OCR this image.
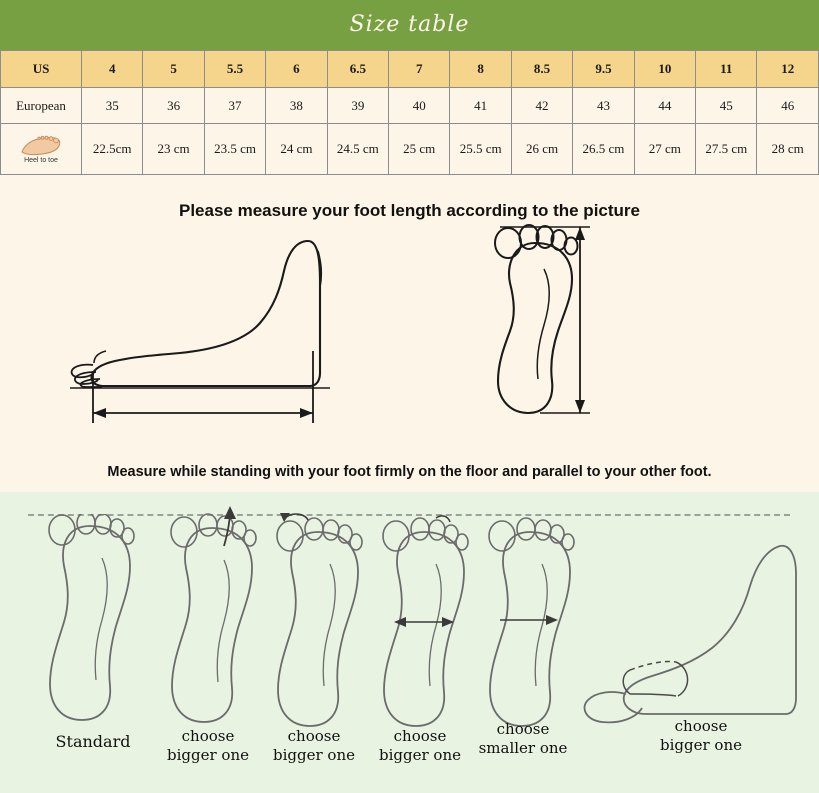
Size table
US	4	5	5.5	6	6.5	7	8	8.5	9.5	10	11	12
European	35	36	37	38	39	40	41	42	43	44	45	46

Heel to toe	22.5cm	23 cm	23.5 cm	24 cm	24.5 cm	25 cm	25.5 cm	26 cm	26.5 cm	27 cm	27.5 cm	28 cm
Please measure your foot length according to the picture
Measure while standing with your foot firmly on the floor and parallel to your other foot.
Standard	choose
bigger one
choose
bigger one
choose
bigger one
choose
smaller one
choose
bigger one
